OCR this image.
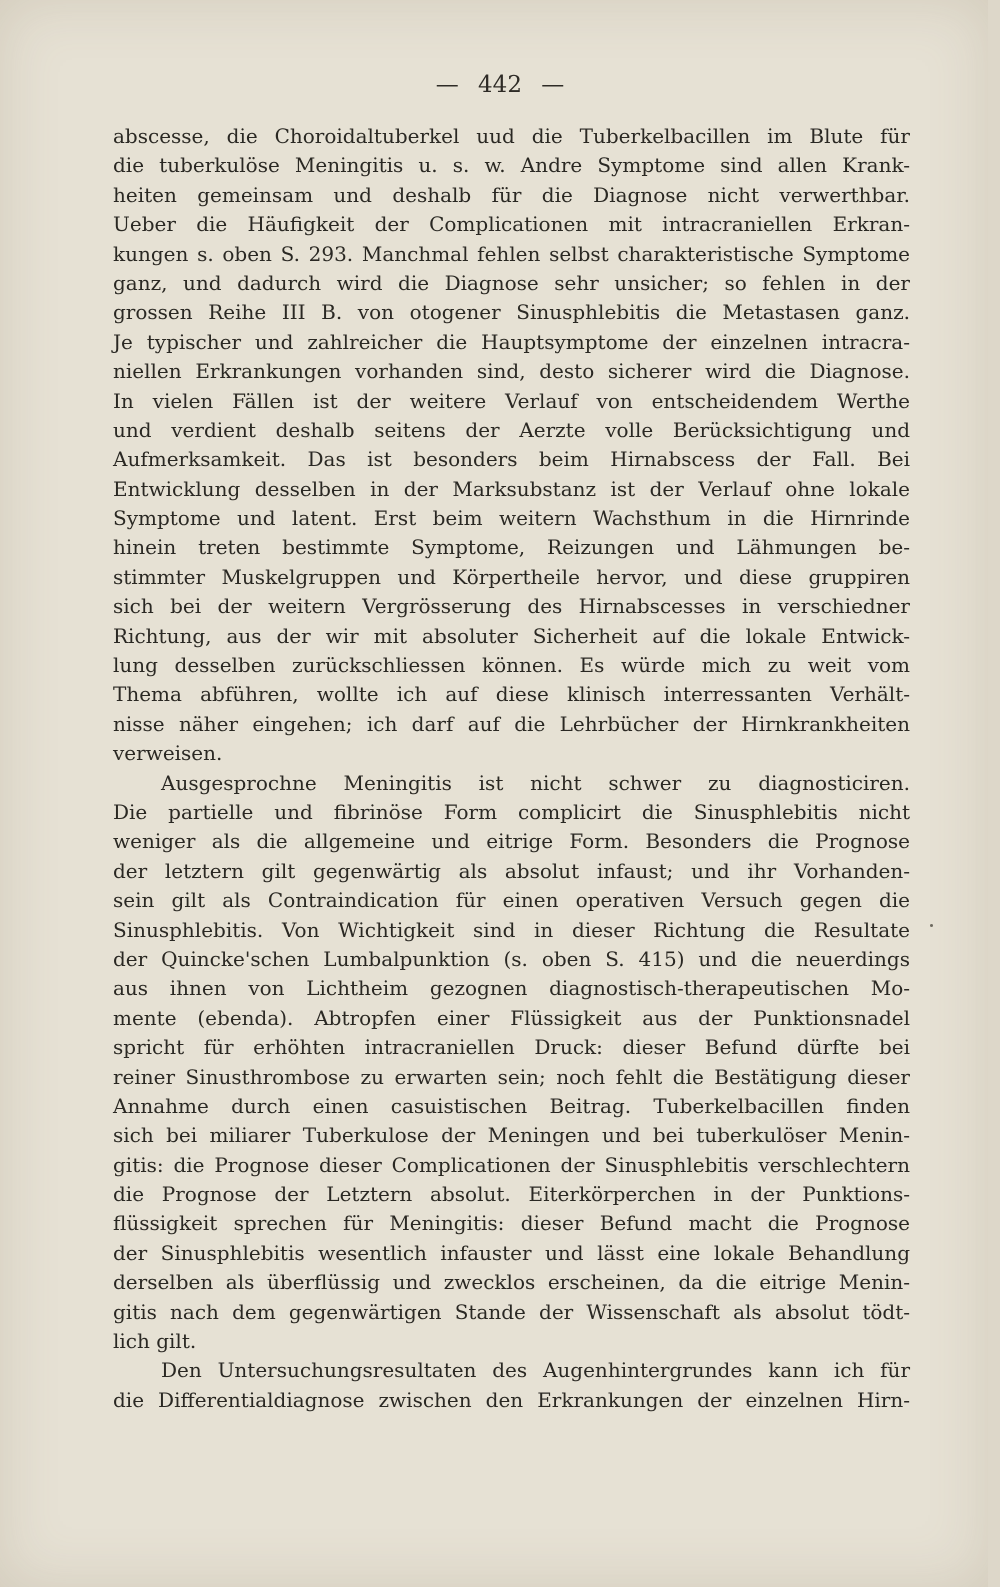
— 442 —
abscesse, die Choroidaltuberkel uud die Tuberkelbacillen im Blute für
die tuberkulöse Meningitis u. s. w. Andre Symptome sind allen Krank-
heiten gemeinsam und deshalb für die Diagnose nicht verwerthbar.
Ueber die Häufigkeit der Complicationen mit intracraniellen Erkran-
kungen s. oben S. 293. Manchmal fehlen selbst charakteristische Symptome
ganz, und dadurch wird die Diagnose sehr unsicher; so fehlen in der
grossen Reihe III B. von otogener Sinusphlebitis die Metastasen ganz.
Je typischer und zahlreicher die Hauptsymptome der einzelnen intracra-
niellen Erkrankungen vorhanden sind, desto sicherer wird die Diagnose.
In vielen Fällen ist der weitere Verlauf von entscheidendem Werthe
und verdient deshalb seitens der Aerzte volle Berücksichtigung und
Aufmerksamkeit. Das ist besonders beim Hirnabscess der Fall. Bei
Entwicklung desselben in der Marksubstanz ist der Verlauf ohne lokale
Symptome und latent. Erst beim weitern Wachsthum in die Hirnrinde
hinein treten bestimmte Symptome, Reizungen und Lähmungen be-
stimmter Muskelgruppen und Körpertheile hervor, und diese gruppiren
sich bei der weitern Vergrösserung des Hirnabscesses in verschiedner
Richtung, aus der wir mit absoluter Sicherheit auf die lokale Entwick-
lung desselben zurückschliessen können. Es würde mich zu weit vom
Thema abführen, wollte ich auf diese klinisch interressanten Verhält-
nisse näher eingehen; ich darf auf die Lehrbücher der Hirnkrankheiten
verweisen.
Ausgesprochne Meningitis ist nicht schwer zu diagnosticiren.
Die partielle und fibrinöse Form complicirt die Sinusphlebitis nicht
weniger als die allgemeine und eitrige Form. Besonders die Prognose
der letztern gilt gegenwärtig als absolut infaust; und ihr Vorhanden-
sein gilt als Contraindication für einen operativen Versuch gegen die
Sinusphlebitis. Von Wichtigkeit sind in dieser Richtung die Resultate
der Quincke'schen Lumbalpunktion (s. oben S. 415) und die neuerdings
aus ihnen von Lichtheim gezognen diagnostisch-therapeutischen Mo-
mente (ebenda). Abtropfen einer Flüssigkeit aus der Punktionsnadel
spricht für erhöhten intracraniellen Druck: dieser Befund dürfte bei
reiner Sinusthrombose zu erwarten sein; noch fehlt die Bestätigung dieser
Annahme durch einen casuistischen Beitrag. Tuberkelbacillen finden
sich bei miliarer Tuberkulose der Meningen und bei tuberkulöser Menin-
gitis: die Prognose dieser Complicationen der Sinusphlebitis verschlechtern
die Prognose der Letztern absolut. Eiterkörperchen in der Punktions-
flüssigkeit sprechen für Meningitis: dieser Befund macht die Prognose
der Sinusphlebitis wesentlich infauster und lässt eine lokale Behandlung
derselben als überflüssig und zwecklos erscheinen, da die eitrige Menin-
gitis nach dem gegenwärtigen Stande der Wissenschaft als absolut tödt-
lich gilt.
Den Untersuchungsresultaten des Augenhintergrundes kann ich für
die Differentialdiagnose zwischen den Erkrankungen der einzelnen Hirn-
